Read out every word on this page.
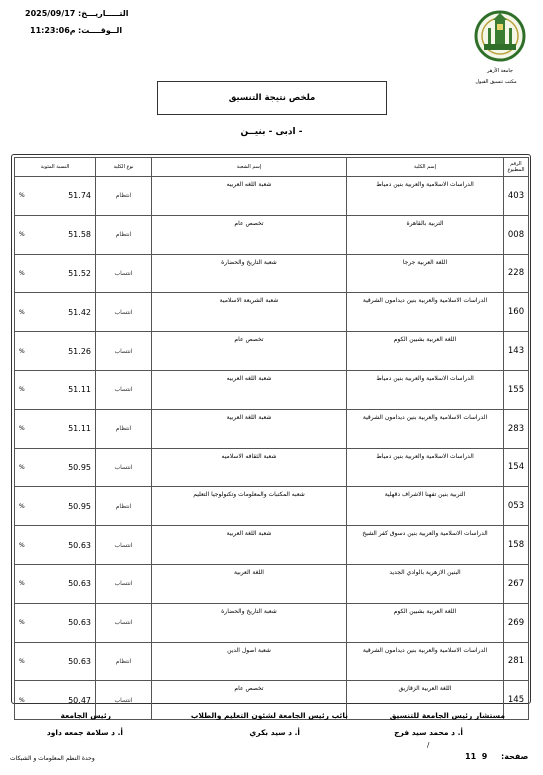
التـــــاريـــخ:
2025/09/17
الــوقــــت:
11:23:06م
جامعة الأزهر
مكتب تنسيق القبول
ملخص نتيجة التنسيق
- ادبى - بنيــن
الرقم المطبوع	إسم الكلية	إسم الشعبة	نوع الكلية	النسبة المئوية
403	الدراسات الاسلامية والعربية بنين دمياط	شعبة اللغه العربيه	انتظام	% 51.74

008	التربية بالقاهرة	تخصص عام	انتظام	% 51.58

228	اللغة العربية جرجا	شعبة التاريخ والحضارة	انتساب	% 51.52

160	الدراسات الاسلامية والعربية بنين ديدامون الشرقية	شعبة الشريعة الاسلامية	انتساب	% 51.42

143	اللغة العربية بشبين الكوم	تخصص عام	انتساب	% 51.26

155	الدراسات الاسلامية والعربية بنين دمياط	شعبة اللغه العربيه	انتساب	% 51.11

283	الدراسات الاسلامية والعربية بنين ديدامون الشرقية	شعبة اللغة العربية	انتظام	% 51.11

154	الدراسات الاسلامية والعربية بنين دمياط	شعبة الثقافه الاسلاميه	انتساب	% 50.95

053	التربية بنين تفهنا الاشراف دقهلية	شعبه المكتبات والمعلومات وتكنولوجيا التعليم	انتظام	% 50.95

158	الدراسات الاسلامية والعربية بنين دسوق كفر الشيخ	شعبة اللغة العربية	انتساب	% 50.63

267	البنين الازهرية بالوادي الجديد	اللغة العربية	انتساب	% 50.63

269	اللغة العربية بشبين الكوم	شعبة التاريخ والحضارة	انتساب	% 50.63

281	الدراسات الاسلامية والعربية بنين ديدامون الشرقية	شعبة اصول الدين	انتظام	% 50.63

145	اللغة العربية الزقازيق	تخصص عام	انتساب	% 50.47
مستشار رئيس الجامعة للتنسيق
أ. د محمد سيد فرج
/
نائب رئيس الجامعة لشئون التعليم والطلاب
أ. د سيد بكري
رئيس الجامعة
أ. د سلامة جمعه داود
وحدة النظم المعلومات و الشبكات	صفحة:
11 9
